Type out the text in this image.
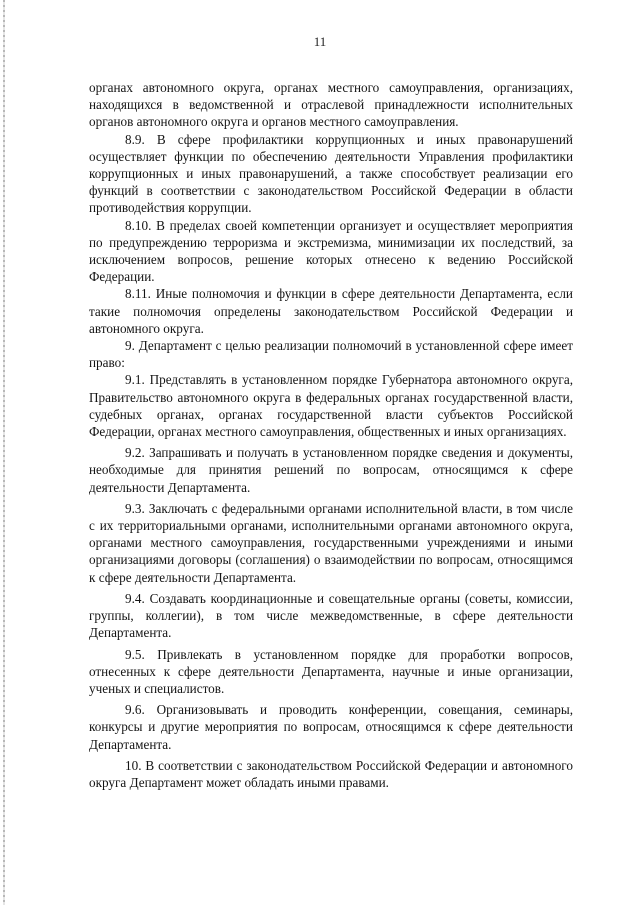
11

органах автономного округа, органах местного самоуправления, организациях, находящихся в ведомственной и отраслевой принадлежности исполнительных органов автономного округа и органов местного самоуправления.

8.9. В сфере профилактики коррупционных и иных правонарушений осуществляет функции по обеспечению деятельности Управления профилактики коррупционных и иных правонарушений, а также способствует реализации его функций в соответствии с законодательством Российской Федерации в области противодействия коррупции.

8.10. В пределах своей компетенции организует и осуществляет мероприятия по предупреждению терроризма и экстремизма, минимизации их последствий, за исключением вопросов, решение которых отнесено к ведению Российской Федерации.

8.11. Иные полномочия и функции в сфере деятельности Департамента, если такие полномочия определены законодательством Российской Федерации и автономного округа.

9. Департамент с целью реализации полномочий в установленной сфере имеет право:

9.1. Представлять в установленном порядке Губернатора автономного округа, Правительство автономного округа в федеральных органах государственной власти, судебных органах, органах государственной власти субъектов Российской Федерации, органах местного самоуправления, общественных и иных организациях.

9.2. Запрашивать и получать в установленном порядке сведения и документы, необходимые для принятия решений по вопросам, относящимся к сфере деятельности Департамента.

9.3. Заключать с федеральными органами исполнительной власти, в том числе с их территориальными органами, исполнительными органами автономного округа, органами местного самоуправления, государственными учреждениями и иными организациями договоры (соглашения) о взаимодействии по вопросам, относящимся к сфере деятельности Департамента.

9.4. Создавать координационные и совещательные органы (советы, комиссии, группы, коллегии), в том числе межведомственные, в сфере деятельности Департамента.

9.5. Привлекать в установленном порядке для проработки вопросов, отнесенных к сфере деятельности Департамента, научные и иные организации, ученых и специалистов.

9.6. Организовывать и проводить конференции, совещания, семинары, конкурсы и другие мероприятия по вопросам, относящимся к сфере деятельности Департамента.

10. В соответствии с законодательством Российской Федерации и автономного округа Департамент может обладать иными правами.
